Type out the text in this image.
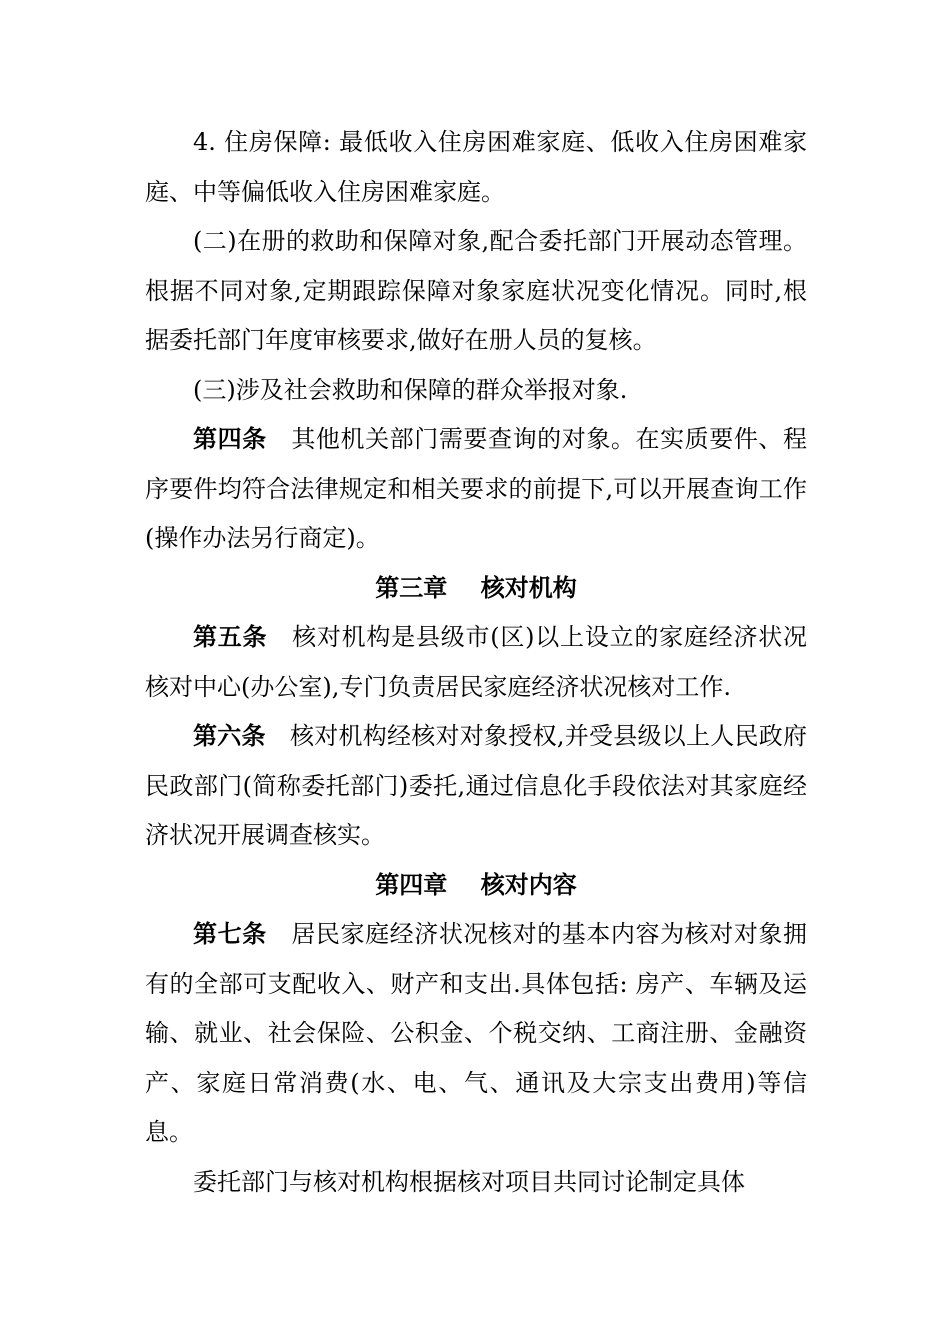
4. 住房保障: 最低收入住房困难家庭、低收入住房困难家庭、中等偏低收入住房困难家庭。

(二)在册的救助和保障对象,配合委托部门开展动态管理。根据不同对象,定期跟踪保障对象家庭状况变化情况。同时,根据委托部门年度审核要求,做好在册人员的复核。

(三)涉及社会救助和保障的群众举报对象.

第四条 其他机关部门需要查询的对象。在实质要件、程序要件均符合法律规定和相关要求的前提下,可以开展查询工作(操作办法另行商定)。

第三章 核对机构

第五条 核对机构是县级市(区)以上设立的家庭经济状况核对中心(办公室),专门负责居民家庭经济状况核对工作.

第六条 核对机构经核对对象授权,并受县级以上人民政府民政部门(简称委托部门)委托,通过信息化手段依法对其家庭经济状况开展调查核实。

第四章 核对内容

第七条 居民家庭经济状况核对的基本内容为核对对象拥有的全部可支配收入、财产和支出.具体包括: 房产、车辆及运输、就业、社会保险、公积金、个税交纳、工商注册、金融资产、家庭日常消费(水、电、气、通讯及大宗支出费用)等信息。

委托部门与核对机构根据核对项目共同讨论制定具体
